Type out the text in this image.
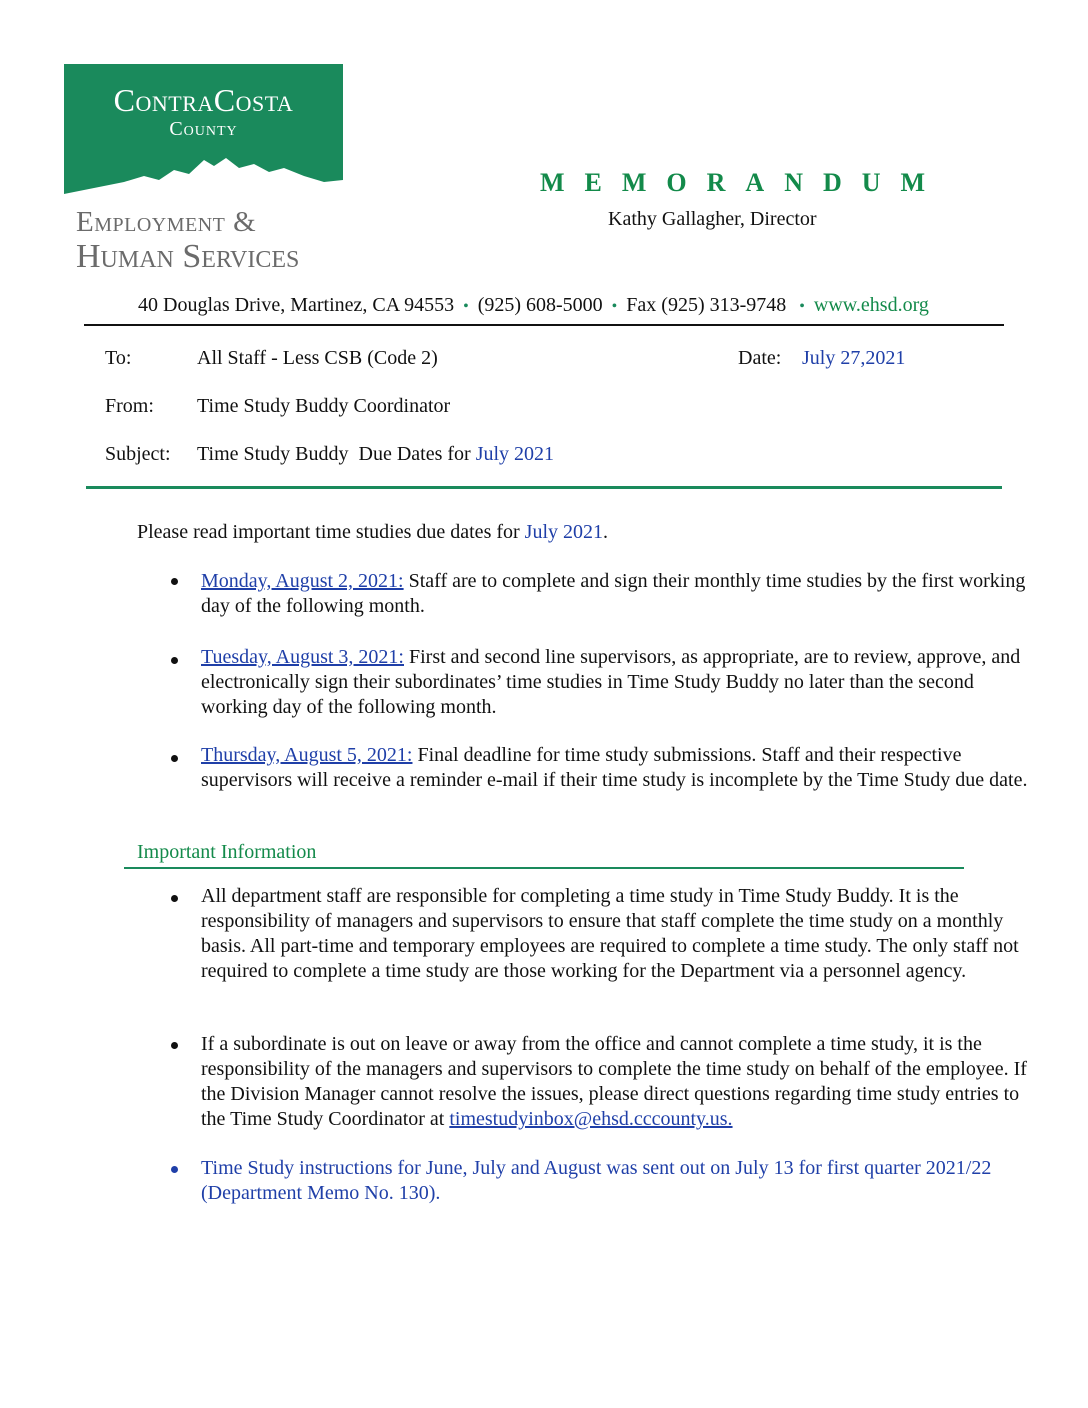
ContraCosta
County
Employment &
Human Services
MEMORANDUM
Kathy Gallagher, Director
40 Douglas Drive, Martinez, CA 94553 • (925) 608-5000 • Fax (925) 313-9748  • www.ehsd.org
To:	All Staff - Less CSB (Code 2)	Date: July 27,2021
From: Time Study Buddy Coordinator
Subject: Time Study Buddy  Due Dates for July 2021
Please read important time studies due dates for July 2021.
Monday, August 2, 2021: Staff are to complete and sign their monthly time studies by the first working day of the following month.
Tuesday, August 3, 2021: First and second line supervisors, as appropriate, are to review, approve, and electronically sign their subordinates’ time studies in Time Study Buddy no later than the second working day of the following month.
Thursday, August 5, 2021: Final deadline for time study submissions. Staff and their respective supervisors will receive a reminder e-mail if their time study is incomplete by the Time Study due date.
Important Information
All department staff are responsible for completing a time study in Time Study Buddy. It is the responsibility of managers and supervisors to ensure that staff complete the time study on a monthly basis. All part-time and temporary employees are required to complete a time study. The only staff not required to complete a time study are those working for the Department via a personnel agency.
If a subordinate is out on leave or away from the office and cannot complete a time study, it is the responsibility of the managers and supervisors to complete the time study on behalf of the employee. If the Division Manager cannot resolve the issues, please direct questions regarding time study entries to the Time Study Coordinator at timestudyinbox@ehsd.cccounty.us.
Time Study instructions for June, July and August was sent out on July 13 for first quarter 2021/22 (Department Memo No. 130).
